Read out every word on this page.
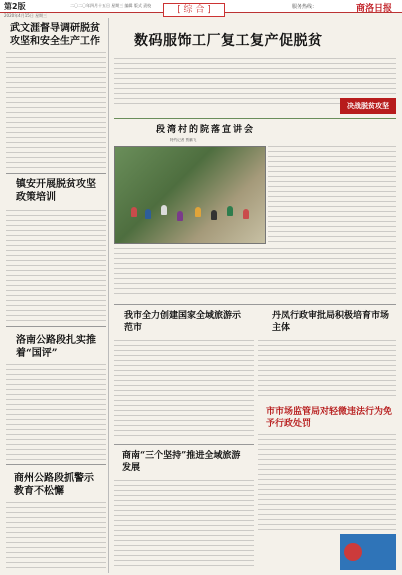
第2版	二〇二〇年四月十五日 星期三 编辑 版式 责校	[ 综 合 ]	服务热线：	商洛日报
2020年4月15日 星期三
武文涯督导调研脱贫攻坚和安全生产工作
镇安开展脱贫攻坚政策培训
洛南公路段扎实推着“国评”
商州公路段抓警示教育不松懈
数码服饰工厂复工复产促脱贫
决战脱贫攻坚
段湾村的院落宣讲会
特约记者 贾鹏飞
我市全力创建国家全域旅游示范市
丹凤行政审批局积极培育市场主体
市市场监管局对轻微违法行为免予行政处罚
商南“三个坚持”推进全域旅游发展
